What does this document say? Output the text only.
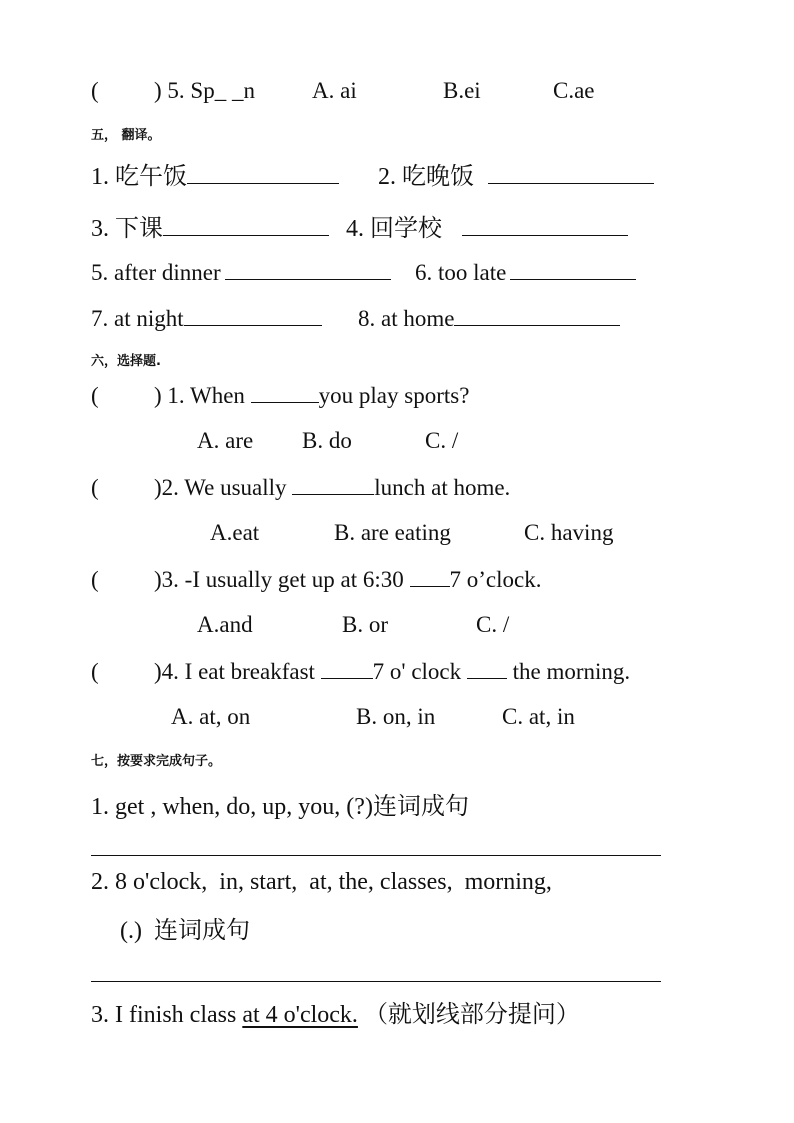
( ) 5. Sp_ _n A. ai	B.ei	C.ae
五， 翻译。
1. 吃午饭	2. 吃晚饭
3. 下课	4. 回学校
5. after dinner	6. too late
7. at night	8. at home
六，选择题.
( ) 1. When	you play sports?
A. are B. do	C. /
( )2. We usually	lunch at home.
A.eat	B. are eating	C. having
( )3. -I usually get up at 6:30 7 o’clock.
A.and	B. or	C. /
( )4. I eat breakfast 7 o' clock  the morning.
A. at, on	B. on, in	C. at, in
七，按要求完成句子。
1. get , when, do, up, you, (?)连词成句
2. 8 o'clock,  in, start,  at, the, classes,  morning,
(.)  连词成句
3. I finish class at 4 o'clock. （就划线部分提问）
